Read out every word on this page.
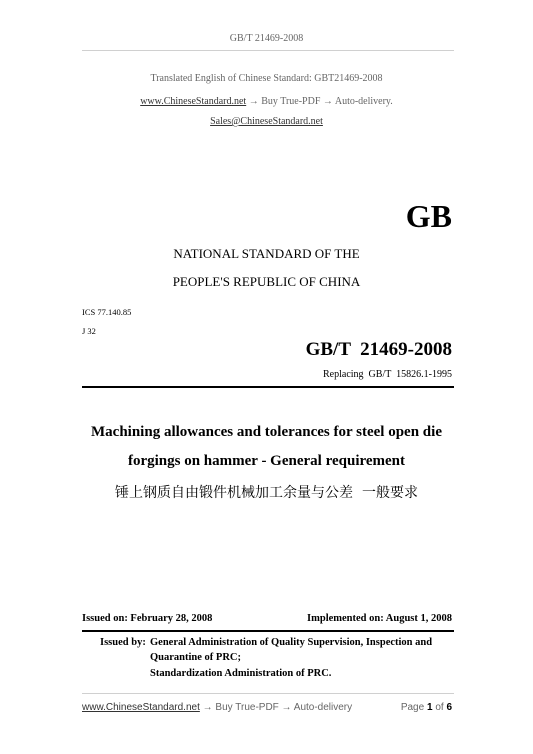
GB/T 21469-2008
Translated English of Chinese Standard: GBT21469-2008
www.ChineseStandard.net → Buy True-PDF → Auto-delivery.
Sales@ChineseStandard.net
GB
NATIONAL STANDARD OF THE
PEOPLE'S REPUBLIC OF CHINA
ICS 77.140.85
J 32
GB/T  21469-2008
Replacing  GB/T  15826.1-1995
Machining allowances and tolerances for steel open die
forgings on hammer - General requirement
锤上钢质自由锻件机械加工余量与公差  一般要求
Issued on: February 28, 2008	Implemented on: August 1, 2008
Issued by: General Administration of Quality Supervision, Inspection and
Quarantine of PRC;
Standardization Administration of PRC.
www.ChineseStandard.net → Buy True-PDF → Auto-delivery	Page 1 of 6
